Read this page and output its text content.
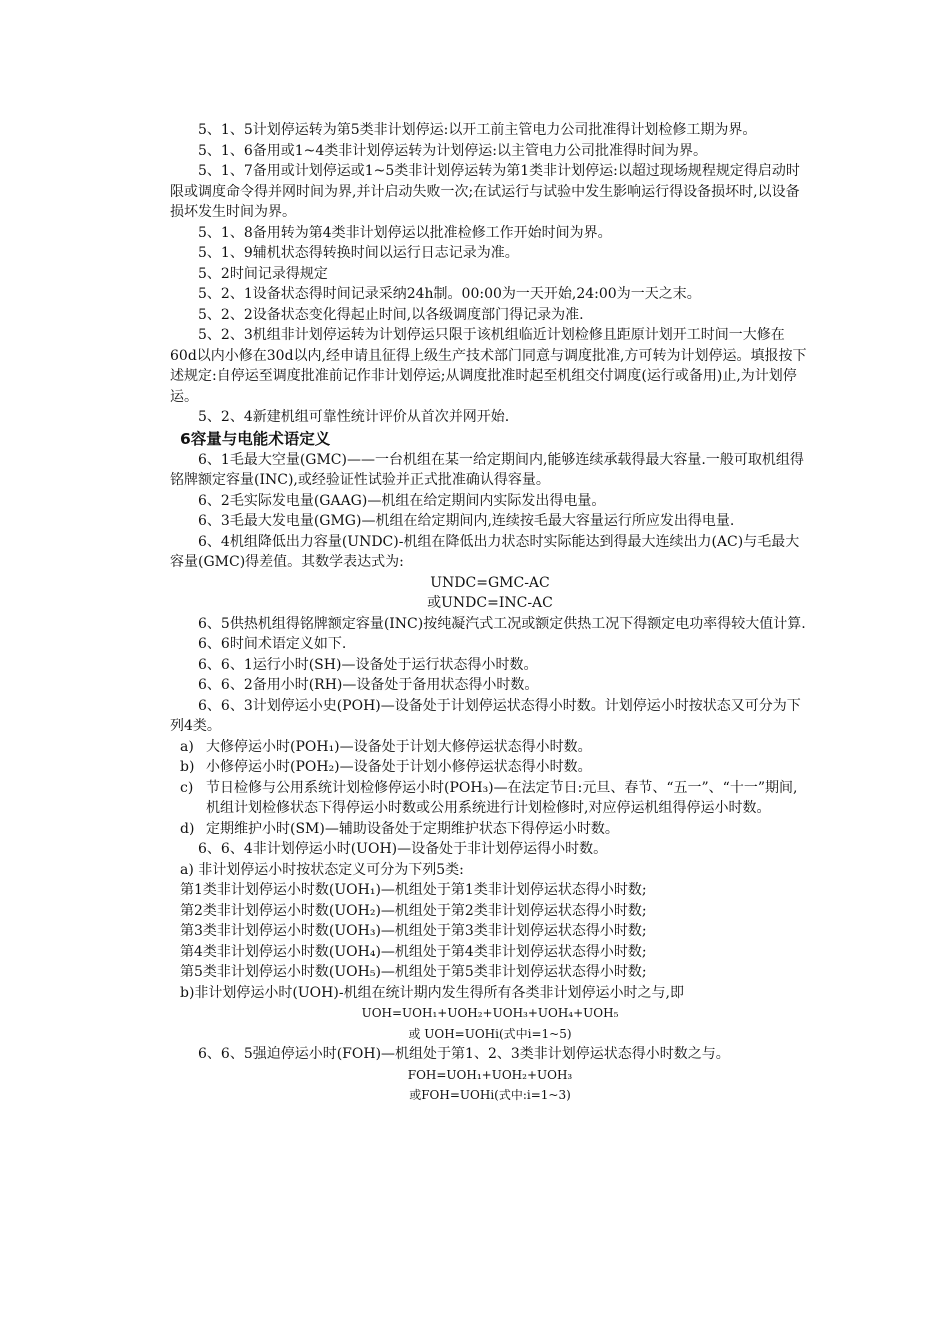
5、1、5计划停运转为第5类非计划停运:以开工前主管电力公司批准得计划检修工期为界。

5、1、6备用或1~4类非计划停运转为计划停运:以主管电力公司批准得时间为界。

5、1、7备用或计划停运或1~5类非计划停运转为第1类非计划停运:以超过现场规程规定得启动时限或调度命令得并网时间为界,并计启动失败一次;在试运行与试验中发生影响运行得设备损坏时,以设备损坏发生时间为界。

5、1、8备用转为第4类非计划停运以批准检修工作开始时间为界。

5、1、9辅机状态得转换时间以运行日志记录为准。

5、2时间记录得规定

5、2、1设备状态得时间记录采纳24h制。00:00为一天开始,24:00为一天之末。

5、2、2设备状态变化得起止时间,以各级调度部门得记录为准.

5、2、3机组非计划停运转为计划停运只限于该机组临近计划检修且距原计划开工时间一大修在60d以内小修在30d以内,经申请且征得上级生产技术部门同意与调度批准,方可转为计划停运。填报按下述规定:自停运至调度批准前记作非计划停运;从调度批准时起至机组交付调度(运行或备用)止,为计划停运。

5、2、4新建机组可靠性统计评价从首次并网开始.

6容量与电能术语定义

6、1毛最大空量(GMC)——一台机组在某一给定期间内,能够连续承载得最大容量.一般可取机组得铭牌额定容量(INC),或经验证性试验并正式批准确认得容量。

6、2毛实际发电量(GAAG)—机组在给定期间内实际发出得电量。

6、3毛最大发电量(GMG)—机组在给定期间内,连续按毛最大容量运行所应发出得电量.

6、4机组降低出力容量(UNDC)-机组在降低出力状态时实际能达到得最大连续出力(AC)与毛最大容量(GMC)得差值。其数学表达式为:

UNDC=GMC-AC

或UNDC=INC-AC

6、5供热机组得铭牌额定容量(INC)按纯凝汽式工况或额定供热工况下得额定电功率得较大值计算.

6、6时间术语定义如下.

6、6、1运行小时(SH)—设备处于运行状态得小时数。

6、6、2备用小时(RH)—设备处于备用状态得小时数。

6、6、3计划停运小史(POH)—设备处于计划停运状态得小时数。计划停运小时按状态又可分为下列4类。

a) 大修停运小时(POH₁)—设备处于计划大修停运状态得小时数。
b) 小修停运小时(POH₂)—设备处于计划小修停运状态得小时数。
c) 节日检修与公用系统计划检修停运小时(POH₃)—在法定节日:元旦、春节、“五一”、“十一”期间,机组计划检修状态下得停运小时数或公用系统进行计划检修时,对应停运机组得停运小时数。
d) 定期维护小时(SM)—辅助设备处于定期维护状态下得停运小时数。

6、6、4非计划停运小时(UOH)—设备处于非计划停运得小时数。

a) 非计划停运小时按状态定义可分为下列5类:

第1类非计划停运小时数(UOH₁)—机组处于第1类非计划停运状态得小时数;

第2类非计划停运小时数(UOH₂)—机组处于第2类非计划停运状态得小时数;

第3类非计划停运小时数(UOH₃)—机组处于第3类非计划停运状态得小时数;

第4类非计划停运小时数(UOH₄)—机组处于第4类非计划停运状态得小时数;

第5类非计划停运小时数(UOH₅)—机组处于第5类非计划停运状态得小时数;

b)非计划停运小时(UOH)-机组在统计期内发生得所有各类非计划停运小时之与,即

UOH=UOH₁+UOH₂+UOH₃+UOH₄+UOH₅

或 UOH=UOHi(式中i=1~5)

6、6、5强迫停运小时(FOH)—机组处于第1、2、3类非计划停运状态得小时数之与。

FOH=UOH₁+UOH₂+UOH₃

或FOH=UOHi(式中:i=1~3)
